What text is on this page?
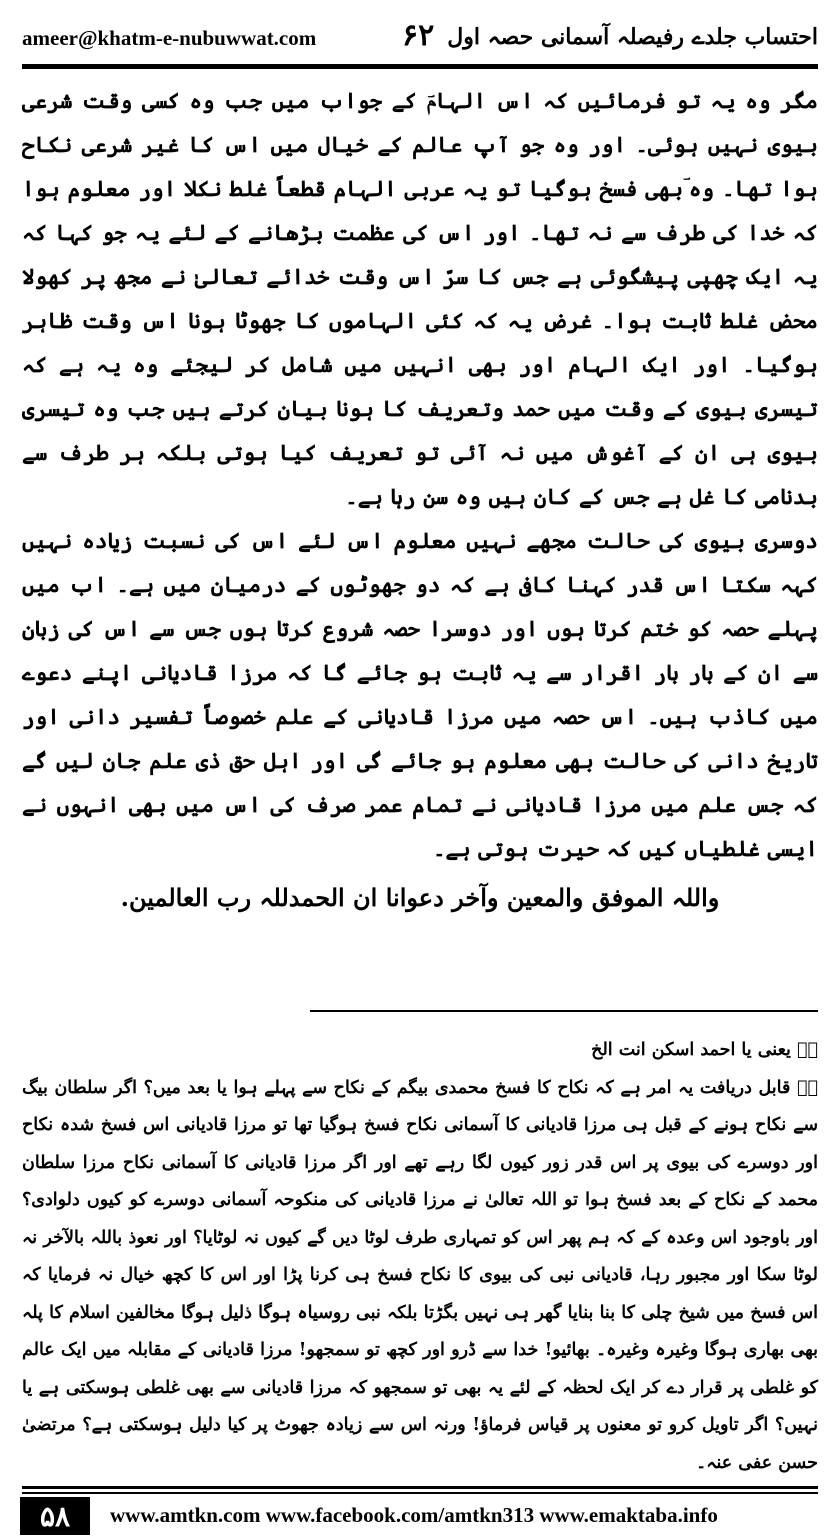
ameer@khatm-e-nubuwwat.com	۶۲ احتساب جلدے رفیصلہ آسمانی حصہ اول

مگر وہ یہ تو فرمائیں کہ اس الہامؔ کے جواب میں جب وہ کسی وقت شرعی بیوی نہیں ہوئی۔ اور وہ جو آپ عالم کے خیال میں اس کا غیر شرعی نکاح ہوا تھا۔ وہ ؔبھی فسخ ہوگیا تو یہ عربی الہام قطعاً غلط نکلا اور معلوم ہوا کہ خدا کی طرف سے نہ تھا۔ اور اس کی عظمت بڑھانے کے لئے یہ جو کہا کہ یہ ایک چھپی پیشگوئی ہے جس کا سرّ اس وقت خدائے تعالیٰ نے مجھ پر کھولا محض غلط ثابت ہوا۔ غرض یہ کہ کئی الہاموں کا جھوٹا ہونا اس وقت ظاہر ہوگیا۔ اور ایک الہام اور بھی انہیں میں شامل کر لیجئے وہ یہ ہے کہ تیسری بیوی کے وقت میں حمد وتعریف کا ہونا بیان کرتے ہیں جب وہ تیسری بیوی ہی ان کے آغوش میں نہ آئی تو تعریف کیا ہوتی بلکہ ہر طرف سے بدنامی کا غل ہے جس کے کان ہیں وہ سن رہا ہے۔

دوسری بیوی کی حالت مجھے نہیں معلوم اس لئے اس کی نسبت زیادہ نہیں کہہ سکتا اس قدر کہنا کافی ہے کہ دو جھوٹوں کے درمیان میں ہے۔ اب میں پہلے حصہ کو ختم کرتا ہوں اور دوسرا حصہ شروع کرتا ہوں جس سے اس کی زبان سے ان کے بار بار اقرار سے یہ ثابت ہو جائے گا کہ مرزا قادیانی اپنے دعوے میں کاذب ہیں۔ اس حصہ میں مرزا قادیانی کے علم خصوصاً تفسیر دانی اور تاریخ دانی کی حالت بھی معلوم ہو جائے گی اور اہل حق ذی علم جان لیں گے کہ جس علم میں مرزا قادیانی نے تمام عمر صرف کی اس میں بھی انہوں نے ایسی غلطیاں کیں کہ حیرت ہوتی ہے۔

واللہ الموفق والمعین وآخر دعوانا ان الحمدللہ رب العالمین.

لؔ یعنی یا احمد اسکن انت الخ

۲ؔ قابل دریافت یہ امر ہے کہ نکاح کا فسخ محمدی بیگم کے نکاح سے پہلے ہوا یا بعد میں؟ اگر سلطان بیگ سے نکاح ہونے کے قبل ہی مرزا قادیانی کا آسمانی نکاح فسخ ہوگیا تھا تو مرزا قادیانی اس فسخ شدہ نکاح اور دوسرے کی بیوی پر اس قدر زور کیوں لگا رہے تھے اور اگر مرزا قادیانی کا آسمانی نکاح مرزا سلطان محمد کے نکاح کے بعد فسخ ہوا تو اللہ تعالیٰ نے مرزا قادیانی کی منکوحہ آسمانی دوسرے کو کیوں دلوادی؟ اور باوجود اس وعدہ کے کہ ہم پھر اس کو تمہاری طرف لوٹا دیں گے کیوں نہ لوٹایا؟ اور نعوذ باللہ بالآخر نہ لوٹا سکا اور مجبور رہا، قادیانی نبی کی بیوی کا نکاح فسخ ہی کرنا پڑا اور اس کا کچھ خیال نہ فرمایا کہ اس فسخ میں شیخ چلی کا بنا بنایا گھر ہی نہیں بگڑتا بلکہ نبی روسیاہ ہوگا ذلیل ہوگا مخالفین اسلام کا پلہ بھی بھاری ہوگا وغیرہ وغیرہ۔ بھائیو! خدا سے ڈرو اور کچھ تو سمجھو! مرزا قادیانی کے مقابلہ میں ایک عالم کو غلطی پر قرار دے کر ایک لحظہ کے لئے یہ بھی تو سمجھو کہ مرزا قادیانی سے بھی غلطی ہوسکتی ہے یا نہیں؟ اگر تاویل کرو تو معنوں پر قیاس فرماؤ! ورنہ اس سے زیادہ جھوٹ پر کیا دلیل ہوسکتی ہے؟ مرتضیٰ حسن عفی عنہ۔

۵۸	www.amtkn.com www.facebook.com/amtkn313 www.emaktaba.info
